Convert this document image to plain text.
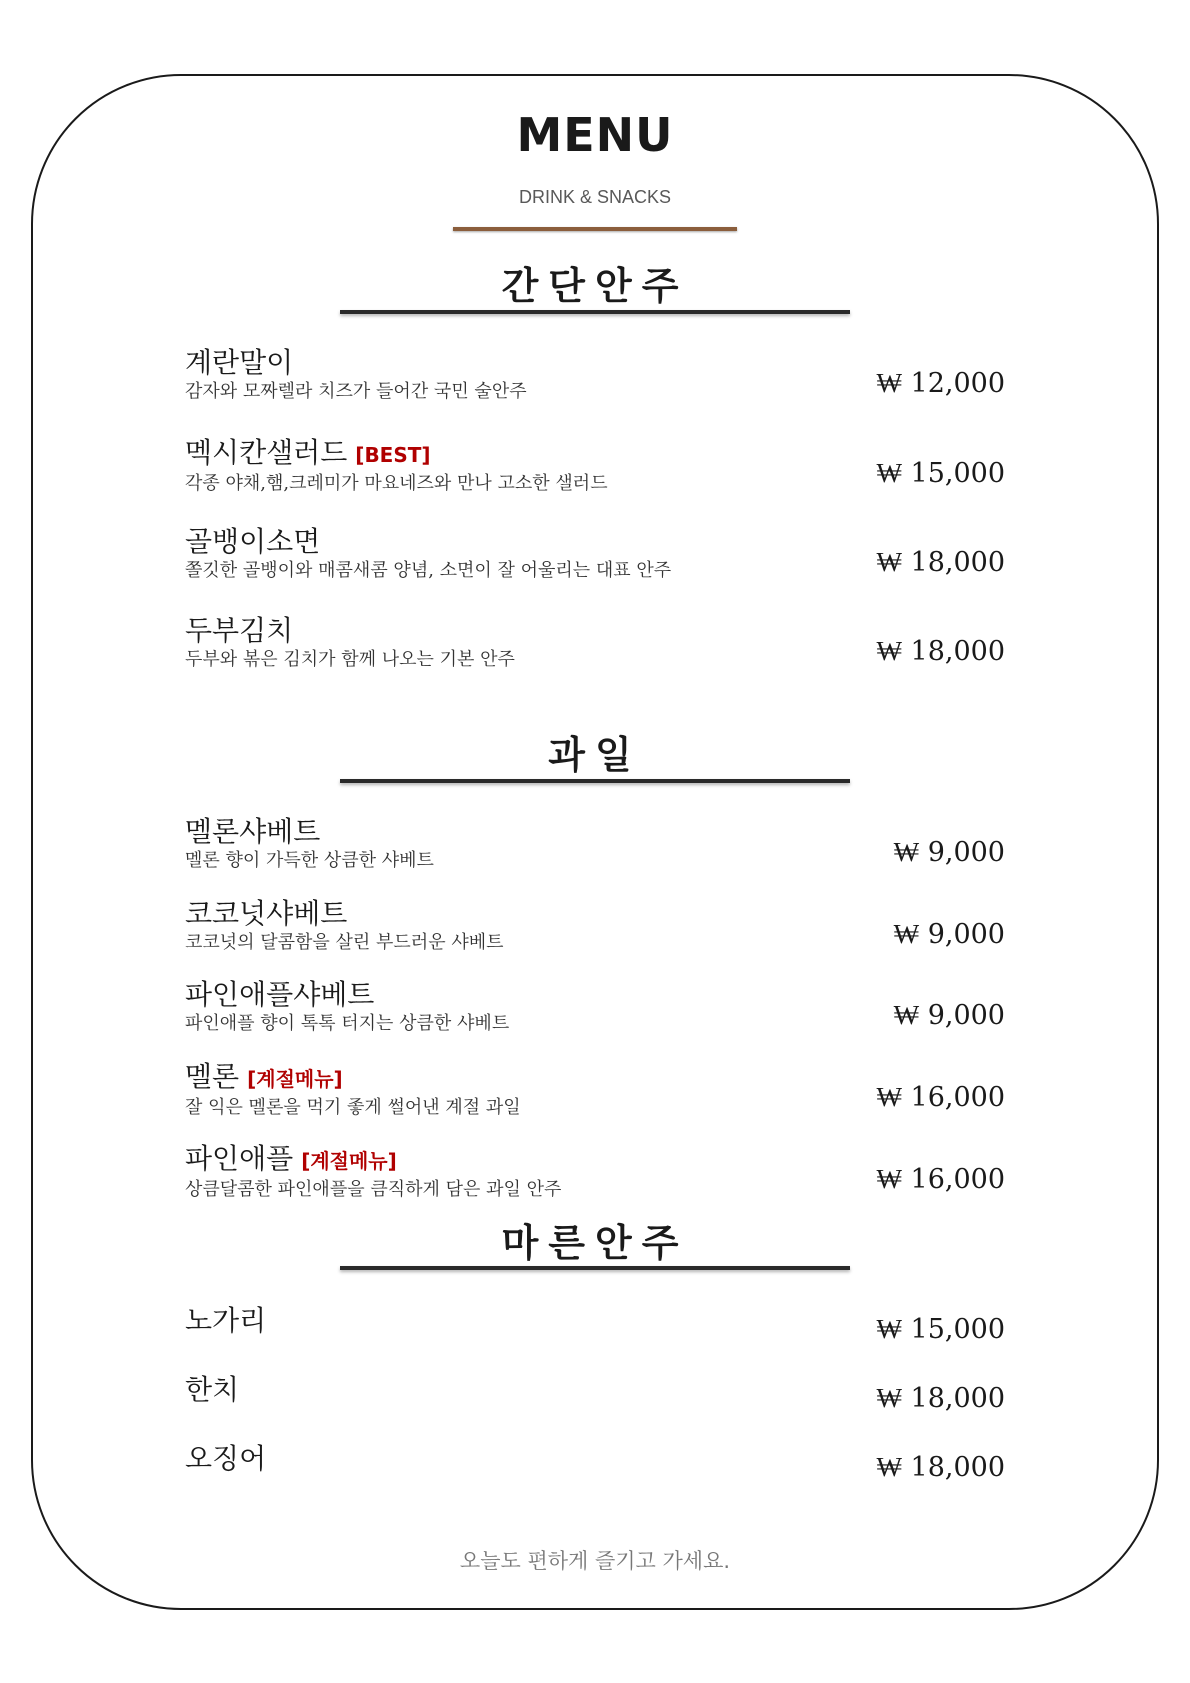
MENU
DRINK & SNACKS
간단안주
계란말이
감자와 모짜렐라 치즈가 들어간 국민 술안주	₩ 12,000
멕시칸샐러드 [BEST]
각종 야채,햄,크레미가 마요네즈와 만나 고소한 샐러드	₩ 15,000
골뱅이소면
쫄깃한 골뱅이와 매콤새콤 양념, 소면이 잘 어울리는 대표 안주	₩ 18,000
두부김치
두부와 볶은 김치가 함께 나오는 기본 안주	₩ 18,000
과일
멜론샤베트
멜론 향이 가득한 상큼한 샤베트	₩ 9,000
코코넛샤베트
코코넛의 달콤함을 살린 부드러운 샤베트	₩ 9,000
파인애플샤베트
파인애플 향이 톡톡 터지는 상큼한 샤베트	₩ 9,000
멜론 [계절메뉴]
잘 익은 멜론을 먹기 좋게 썰어낸 계절 과일	₩ 16,000
파인애플 [계절메뉴]
상큼달콤한 파인애플을 큼직하게 담은 과일 안주	₩ 16,000
마른안주
노가리	₩ 15,000
한치	₩ 18,000
오징어	₩ 18,000
오늘도 편하게 즐기고 가세요.
